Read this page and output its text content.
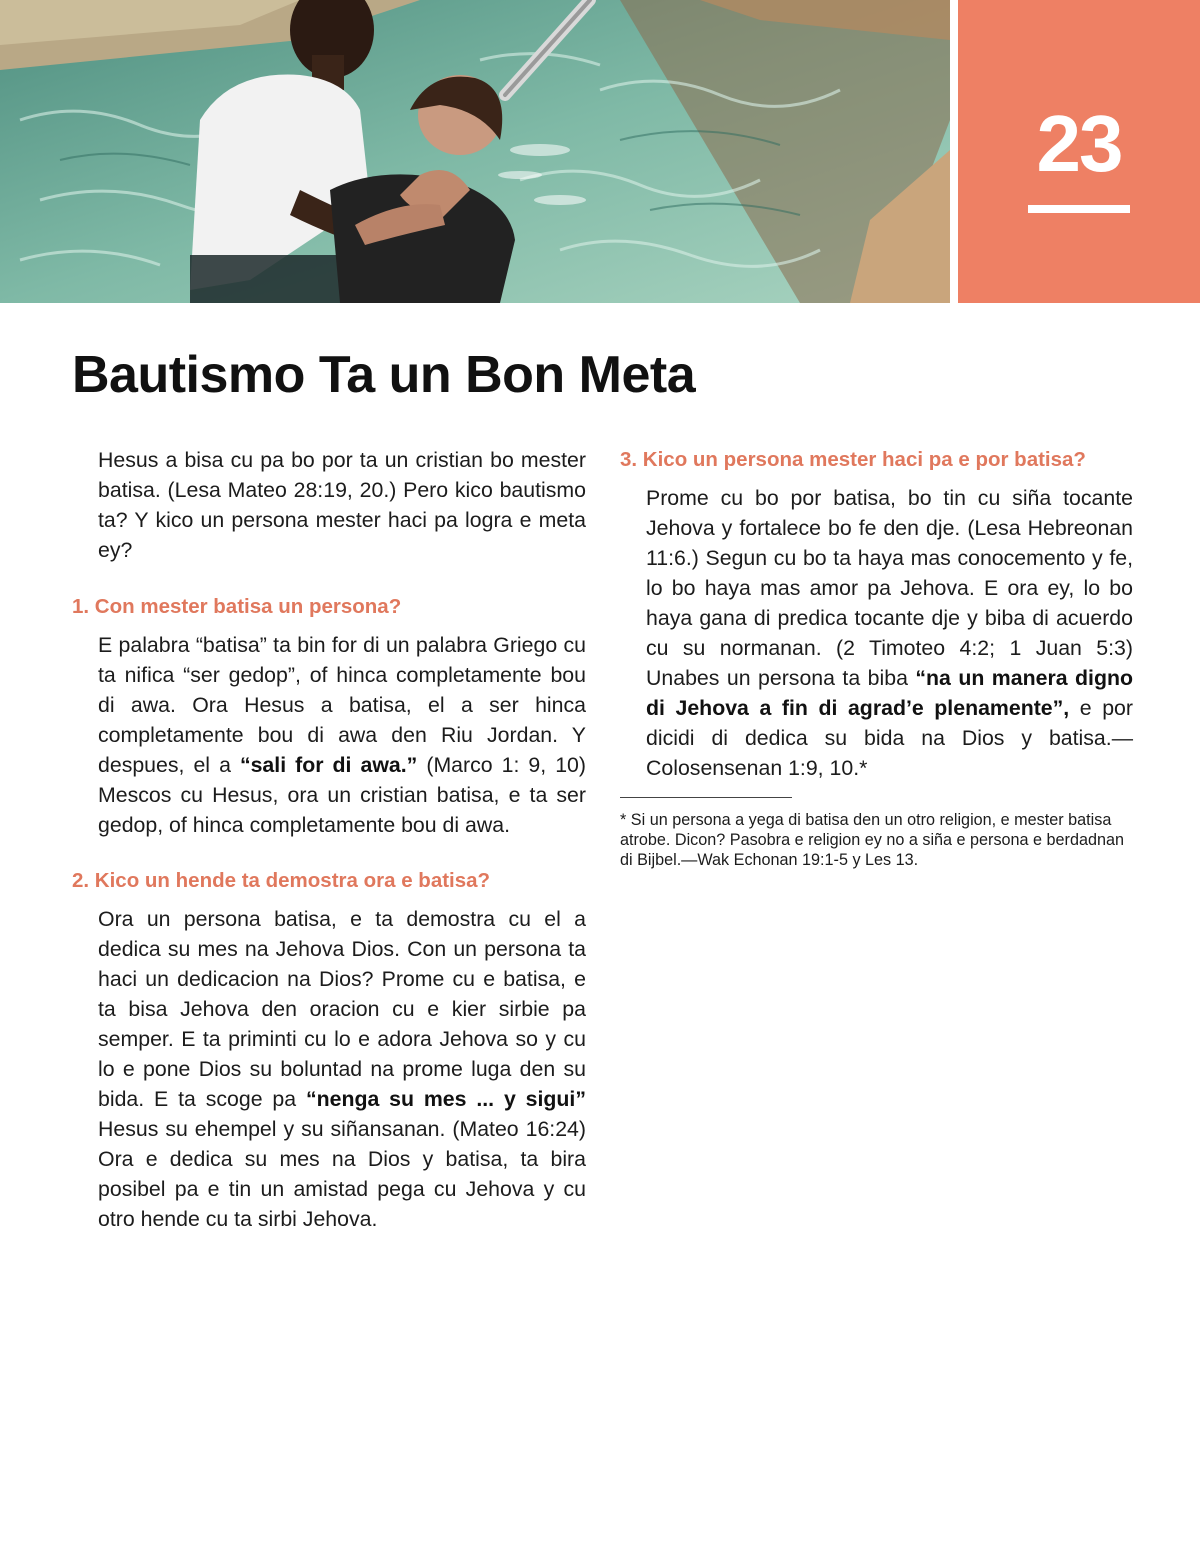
23
Bautismo Ta un Bon Meta

Hesus a bisa cu pa bo por ta un cristian bo mester batisa. (Lesa Mateo 28:19, 20.) Pero kico bautismo ta? Y kico un persona mester haci pa logra e meta ey?

1. Con mester batisa un persona?

E palabra “batisa” ta bin for di un palabra Griego cu ta nifica “ser gedop”, of hinca completamente bou di awa. Ora Hesus a batisa, el a ser hinca completamente bou di awa den Riu Jordan. Y despues, el a “sali for di awa.” (Marco 1: 9, 10) Mescos cu Hesus, ora un cristian batisa, e ta ser gedop, of hinca completamente bou di awa.

2. Kico un hende ta demostra ora e batisa?

Ora un persona batisa, e ta demostra cu el a dedica su mes na Jehova Dios. Con un persona ta haci un dedicacion na Dios? Prome cu e batisa, e ta bisa Jehova den oracion cu e kier sirbie pa semper. E ta priminti cu lo e adora Jehova so y cu lo e pone Dios su boluntad na prome luga den su bida. E ta scoge pa “nenga su mes ... y sigui” Hesus su ehempel y su siñansanan. (Mateo 16:24) Ora e dedica su mes na Dios y batisa, ta bira posibel pa e tin un amistad pega cu Jehova y cu otro hende cu ta sirbi Jehova.

3. Kico un persona mester haci pa e por batisa?

Prome cu bo por batisa, bo tin cu siña tocante Jehova y fortalece bo fe den dje. (Lesa Hebreonan 11:6.) Segun cu bo ta haya mas conocemento y fe, lo bo haya mas amor pa Jehova. E ora ey, lo bo haya gana di predica tocante dje y biba di acuerdo cu su normanan. (2 Timoteo 4:2; 1 Juan 5:3) Unabes un persona ta biba “na un manera digno di Jehova a fin di agrad’e plenamente”, e por dicidi di dedica su bida na Dios y batisa.—Colosensenan 1:9, 10.*

* Si un persona a yega di batisa den un otro religion, e mester batisa atrobe. Dicon? Pasobra e religion ey no a siña e persona e berdadnan di Bijbel.—Wak Echonan 19:1-5 y Les 13.
